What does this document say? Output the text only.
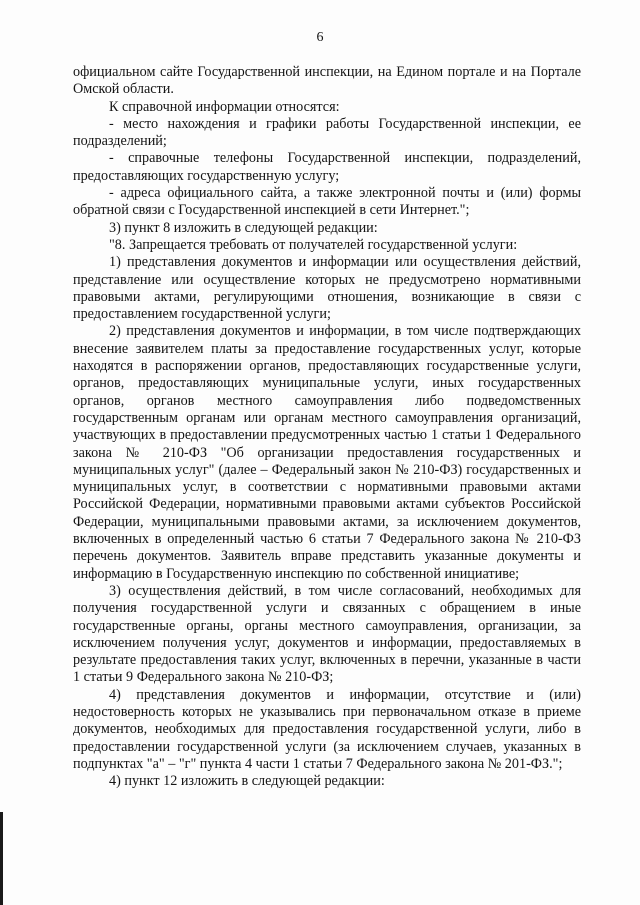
6

официальном сайте Государственной инспекции, на Едином портале и на Портале Омской области.

К справочной информации относятся:

- место нахождения и графики работы Государственной инспекции, ее подразделений;

- справочные телефоны Государственной инспекции, подразделений, предоставляющих государственную услугу;

- адреса официального сайта, а также электронной почты и (или) формы обратной связи с Государственной инспекцией в сети Интернет.";

3) пункт 8 изложить в следующей редакции:

"8. Запрещается требовать от получателей государственной услуги:

1) представления документов и информации или осуществления действий, представление или осуществление которых не предусмотрено нормативными правовыми актами, регулирующими отношения, возникающие в связи с предоставлением государственной услуги;

2) представления документов и информации, в том числе подтверждающих внесение заявителем платы за предоставление государственных услуг, которые находятся в распоряжении органов, предоставляющих государственные услуги, органов, предоставляющих муниципальные услуги, иных государственных органов, органов местного самоуправления либо подведомственных государственным органам или органам местного самоуправления организаций, участвующих в предоставлении предусмотренных частью 1 статьи 1 Федерального закона № 210-ФЗ "Об организации предоставления государственных и муниципальных услуг" (далее – Федеральный закон № 210-ФЗ) государственных и муниципальных услуг, в соответствии с нормативными правовыми актами Российской Федерации, нормативными правовыми актами субъектов Российской Федерации, муниципальными правовыми актами, за исключением документов, включенных в определенный частью 6 статьи 7 Федерального закона № 210-ФЗ перечень документов. Заявитель вправе представить указанные документы и информацию в Государственную инспекцию по собственной инициативе;

3) осуществления действий, в том числе согласований, необходимых для получения государственной услуги и связанных с обращением в иные государственные органы, органы местного самоуправления, организации, за исключением получения услуг, документов и информации, предоставляемых в результате предоставления таких услуг, включенных в перечни, указанные в части 1 статьи 9 Федерального закона № 210-ФЗ;

4) представления документов и информации, отсутствие и (или) недостоверность которых не указывались при первоначальном отказе в приеме документов, необходимых для предоставления государственной услуги, либо в предоставлении государственной услуги (за исключением случаев, указанных в подпунктах "а" – "г" пункта 4 части 1 статьи 7 Федерального закона № 201-ФЗ.";

4) пункт 12 изложить в следующей редакции:
